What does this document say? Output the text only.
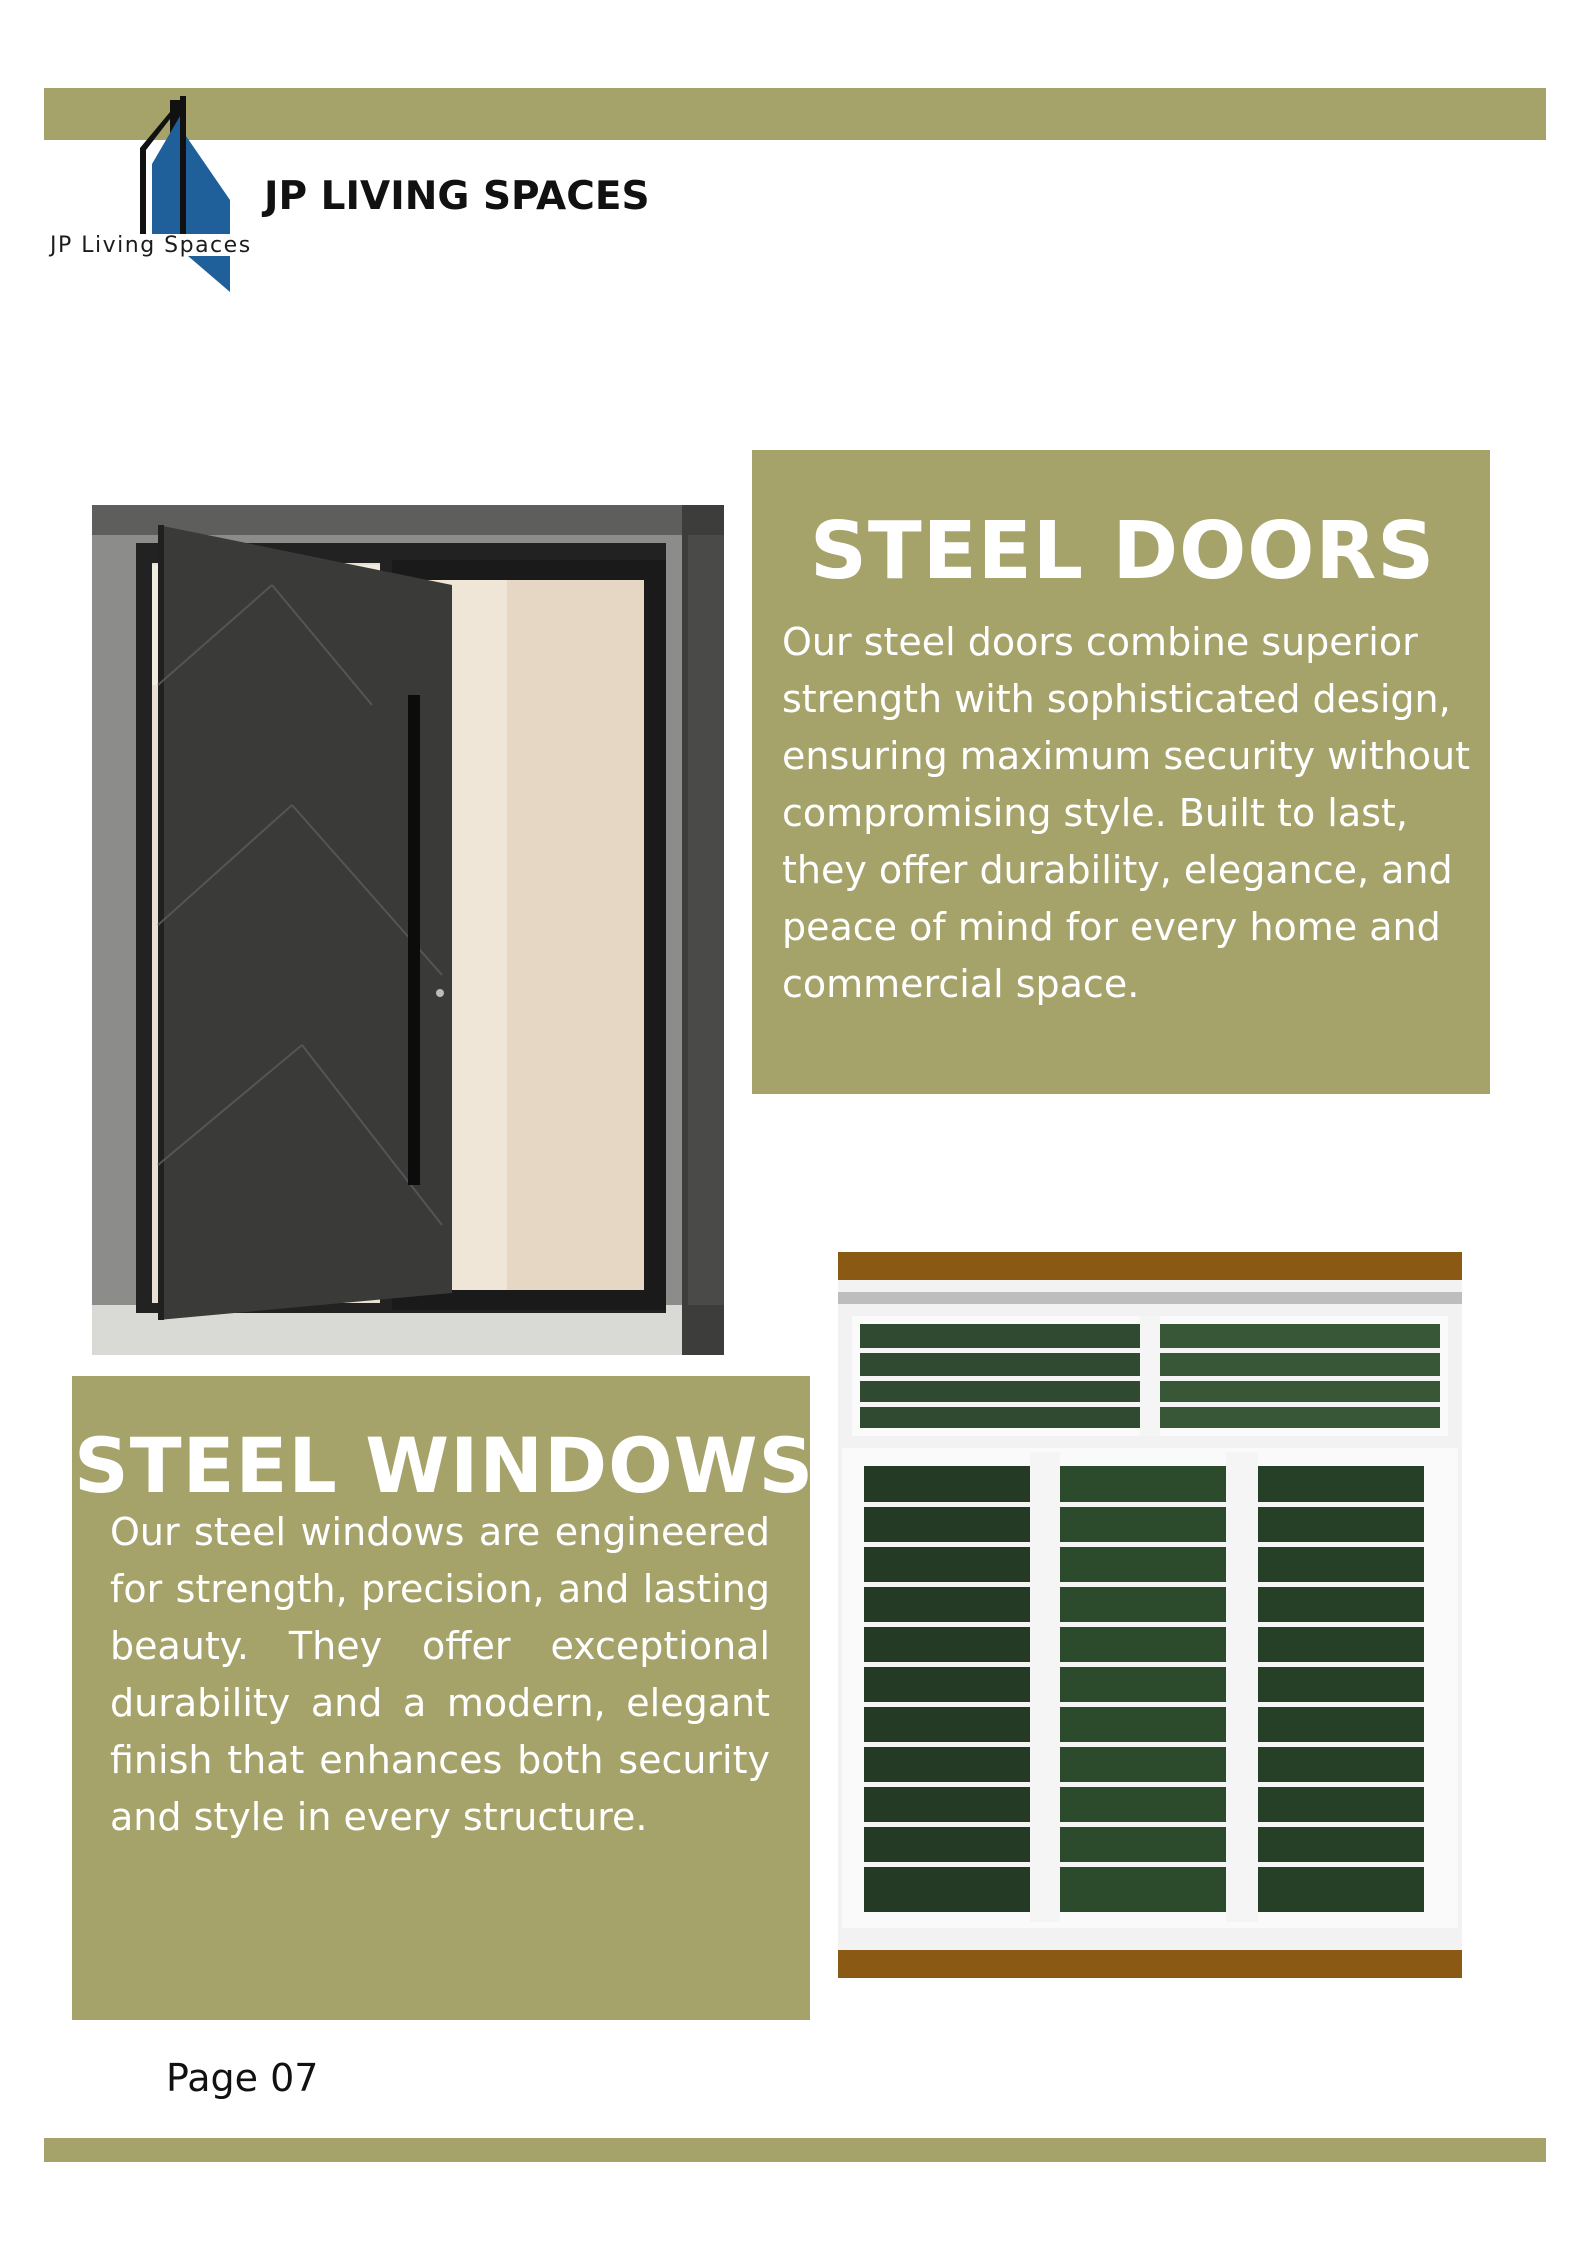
JP Living Spaces
JP LIVING SPACES
STEEL DOORS
Our steel doors combine superior strength with sophisticated design, ensuring maximum security without compromising style. Built to last, they offer durability, elegance, and peace of mind for every home and commercial space.
STEEL WINDOWS
Our steel windows are engineered for strength, precision, and lasting beauty. They offer exceptional durability and a modern, elegant finish that enhances both security and style in every structure.
Page 07
